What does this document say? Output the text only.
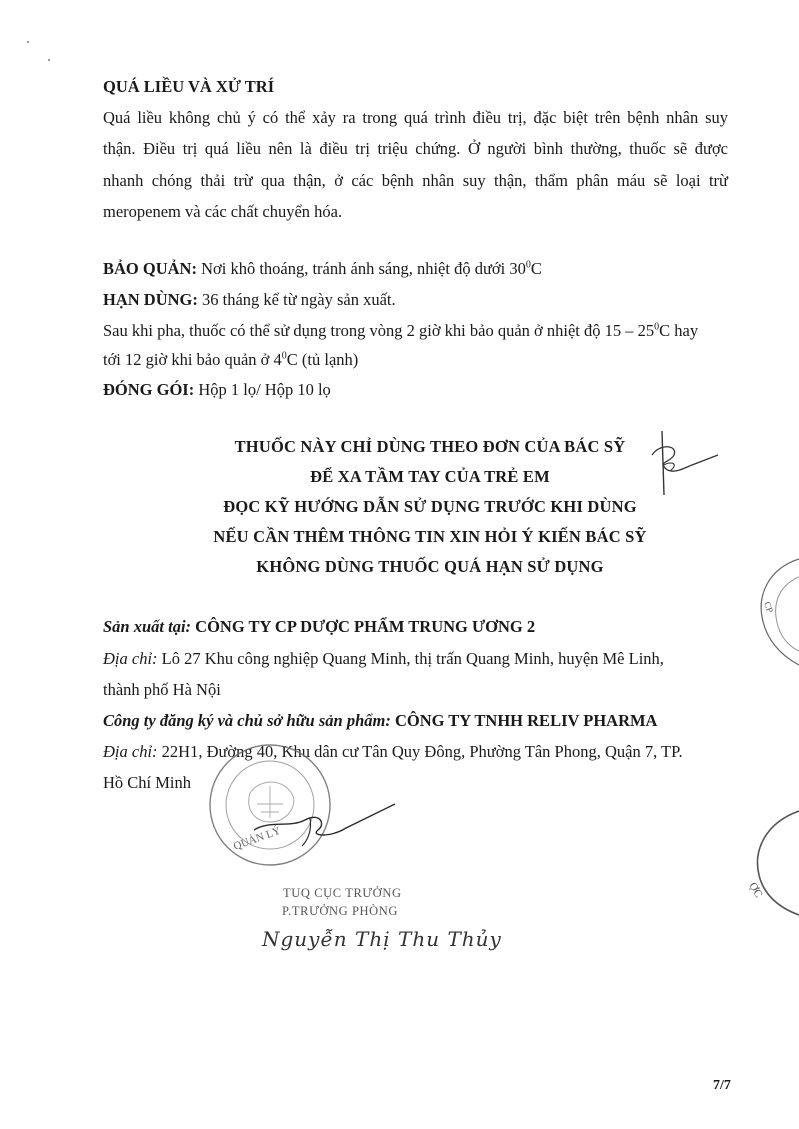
QUÁ LIỀU VÀ XỬ TRÍ
Quá liều không chủ ý có thể xảy ra trong quá trình điều trị, đặc biệt trên bệnh nhân suy
thận. Điều trị quá liều nên là điều trị triệu chứng. Ở người bình thường, thuốc sẽ được
nhanh chóng thải trừ qua thận, ở các bệnh nhân suy thận, thẩm phân máu sẽ loại trừ
meropenem và các chất chuyển hóa.
BẢO QUẢN: Nơi khô thoáng, tránh ánh sáng, nhiệt độ dưới $30^0C$
HẠN DÙNG: 36 tháng kể từ ngày sản xuất.
Sau khi pha, thuốc có thể sử dụng trong vòng 2 giờ khi bảo quản ở nhiệt độ $15 - 25^0C$ hay
tới 12 giờ khi bảo quản ở $4^0C$ (tủ lạnh)
ĐÓNG GÓI: Hộp 1 lọ/ Hộp 10 lọ
THUỐC NÀY CHỈ DÙNG THEO ĐƠN CỦA BÁC SỸ
ĐỂ XA TẦM TAY CỦA TRẺ EM
ĐỌC KỸ HƯỚNG DẪN SỬ DỤNG TRƯỚC KHI DÙNG
NẾU CẦN THÊM THÔNG TIN XIN HỎI Ý KIẾN BÁC SỸ
KHÔNG DÙNG THUỐC QUÁ HẠN SỬ DỤNG
Sản xuất tại: CÔNG TY CP DƯỢC PHẨM TRUNG ƯƠNG 2
Địa chỉ: Lô 27 Khu công nghiệp Quang Minh, thị trấn Quang Minh, huyện Mê Linh,
thành phố Hà Nội
Công ty đăng ký và chủ sở hữu sản phẩm: CÔNG TY TNHH RELIV PHARMA
Địa chỉ: 22H1, Đường 40, Khu dân cư Tân Quy Đông, Phường Tân Phong, Quận 7, TP.
Hồ Chí Minh
QUẢN LÝ
TUQ CỤC TRƯỞNG
P.TRƯỞNG PHÒNG
Nguyễn Thị Thu Thủy
CP
ỢC
7/7
